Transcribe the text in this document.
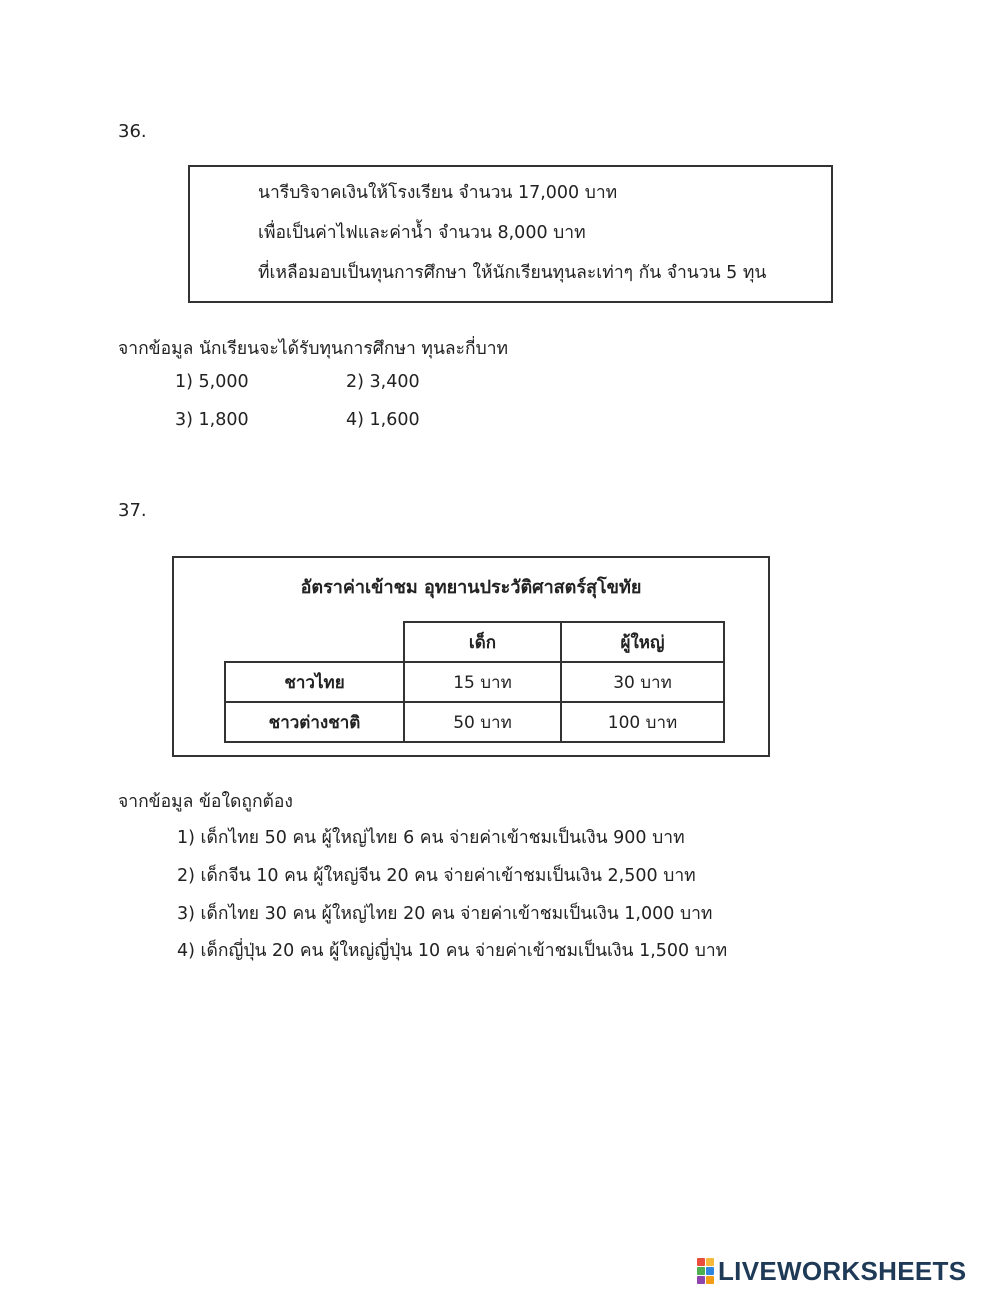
36.
นารีบริจาคเงินให้โรงเรียน จำนวน 17,000 บาท
เพื่อเป็นค่าไฟและค่าน้ำ จำนวน 8,000 บาท
ที่เหลือมอบเป็นทุนการศึกษา ให้นักเรียนทุนละเท่าๆ กัน จำนวน 5 ทุน
จากข้อมูล นักเรียนจะได้รับทุนการศึกษา ทุนละกี่บาท
1) 5,000	2) 3,400
3) 1,800	4) 1,600
37.
อัตราค่าเข้าชม อุทยานประวัติศาสตร์สุโขทัย
	เด็ก	ผู้ใหญ่
ชาวไทย	15 บาท	30 บาท
ชาวต่างชาติ	50 บาท	100 บาท
จากข้อมูล ข้อใดถูกต้อง
1) เด็กไทย 50 คน ผู้ใหญ่ไทย 6 คน จ่ายค่าเข้าชมเป็นเงิน 900 บาท
2) เด็กจีน 10 คน ผู้ใหญ่จีน 20 คน จ่ายค่าเข้าชมเป็นเงิน 2,500 บาท
3) เด็กไทย 30 คน ผู้ใหญ่ไทย 20 คน จ่ายค่าเข้าชมเป็นเงิน 1,000 บาท
4) เด็กญี่ปุ่น 20 คน ผู้ใหญ่ญี่ปุ่น 10 คน จ่ายค่าเข้าชมเป็นเงิน 1,500 บาท
LIVEWORKSHEETS
